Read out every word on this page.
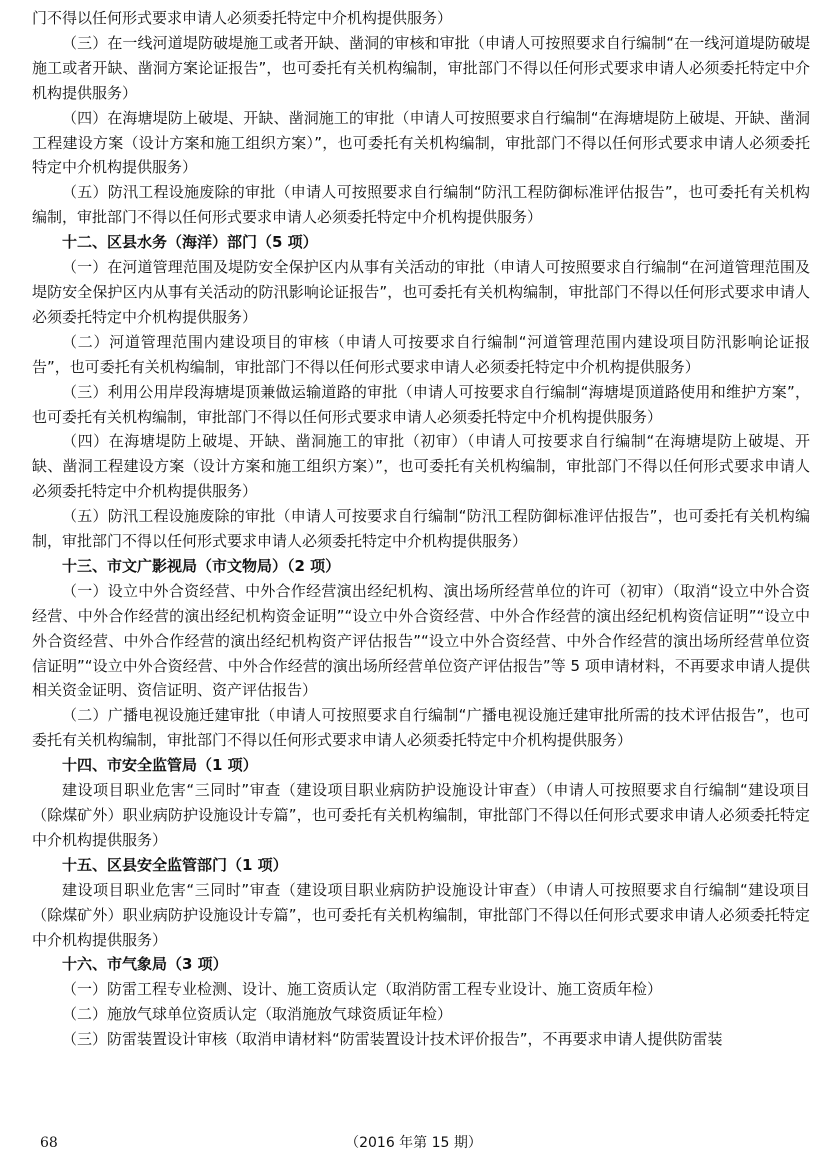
门不得以任何形式要求申请人必须委托特定中介机构提供服务）

（三）在一线河道堤防破堤施工或者开缺、凿洞的审核和审批（申请人可按照要求自行编制“在一线河道堤防破堤施工或者开缺、凿洞方案论证报告”，也可委托有关机构编制，审批部门不得以任何形式要求申请人必须委托特定中介机构提供服务）

（四）在海塘堤防上破堤、开缺、凿洞施工的审批（申请人可按照要求自行编制“在海塘堤防上破堤、开缺、凿洞工程建设方案（设计方案和施工组织方案）”，也可委托有关机构编制，审批部门不得以任何形式要求申请人必须委托特定中介机构提供服务）

（五）防汛工程设施废除的审批（申请人可按照要求自行编制“防汛工程防御标准评估报告”，也可委托有关机构编制，审批部门不得以任何形式要求申请人必须委托特定中介机构提供服务）

十二、区县水务（海洋）部门（5 项）

（一）在河道管理范围及堤防安全保护区内从事有关活动的审批（申请人可按照要求自行编制“在河道管理范围及堤防安全保护区内从事有关活动的防汛影响论证报告”，也可委托有关机构编制，审批部门不得以任何形式要求申请人必须委托特定中介机构提供服务）

（二）河道管理范围内建设项目的审核（申请人可按要求自行编制“河道管理范围内建设项目防汛影响论证报告”，也可委托有关机构编制，审批部门不得以任何形式要求申请人必须委托特定中介机构提供服务）

（三）利用公用岸段海塘堤顶兼做运输道路的审批（申请人可按要求自行编制“海塘堤顶道路使用和维护方案”，也可委托有关机构编制，审批部门不得以任何形式要求申请人必须委托特定中介机构提供服务）

（四）在海塘堤防上破堤、开缺、凿洞施工的审批（初审）（申请人可按要求自行编制“在海塘堤防上破堤、开缺、凿洞工程建设方案（设计方案和施工组织方案）”，也可委托有关机构编制，审批部门不得以任何形式要求申请人必须委托特定中介机构提供服务）

（五）防汛工程设施废除的审批（申请人可按要求自行编制“防汛工程防御标准评估报告”，也可委托有关机构编制，审批部门不得以任何形式要求申请人必须委托特定中介机构提供服务）

十三、市文广影视局（市文物局）（2 项）

（一）设立中外合资经营、中外合作经营演出经纪机构、演出场所经营单位的许可（初审）（取消“设立中外合资经营、中外合作经营的演出经纪机构资金证明”“设立中外合资经营、中外合作经营的演出经纪机构资信证明”“设立中外合资经营、中外合作经营的演出经纪机构资产评估报告”“设立中外合资经营、中外合作经营的演出场所经营单位资信证明”“设立中外合资经营、中外合作经营的演出场所经营单位资产评估报告”等 5 项申请材料，不再要求申请人提供相关资金证明、资信证明、资产评估报告）

（二）广播电视设施迁建审批（申请人可按照要求自行编制“广播电视设施迁建审批所需的技术评估报告”，也可委托有关机构编制，审批部门不得以任何形式要求申请人必须委托特定中介机构提供服务）

十四、市安全监管局（1 项）

建设项目职业危害“三同时”审查（建设项目职业病防护设施设计审查）（申请人可按照要求自行编制“建设项目（除煤矿外）职业病防护设施设计专篇”，也可委托有关机构编制，审批部门不得以任何形式要求申请人必须委托特定中介机构提供服务）

十五、区县安全监管部门（1 项）

建设项目职业危害“三同时”审查（建设项目职业病防护设施设计审查）（申请人可按照要求自行编制“建设项目（除煤矿外）职业病防护设施设计专篇”，也可委托有关机构编制，审批部门不得以任何形式要求申请人必须委托特定中介机构提供服务）

十六、市气象局（3 项）

（一）防雷工程专业检测、设计、施工资质认定（取消防雷工程专业设计、施工资质年检）

（二）施放气球单位资质认定（取消施放气球资质证年检）

（三）防雷装置设计审核（取消申请材料“防雷装置设计技术评价报告”，不再要求申请人提供防雷装

68	（2016 年第 15 期）
